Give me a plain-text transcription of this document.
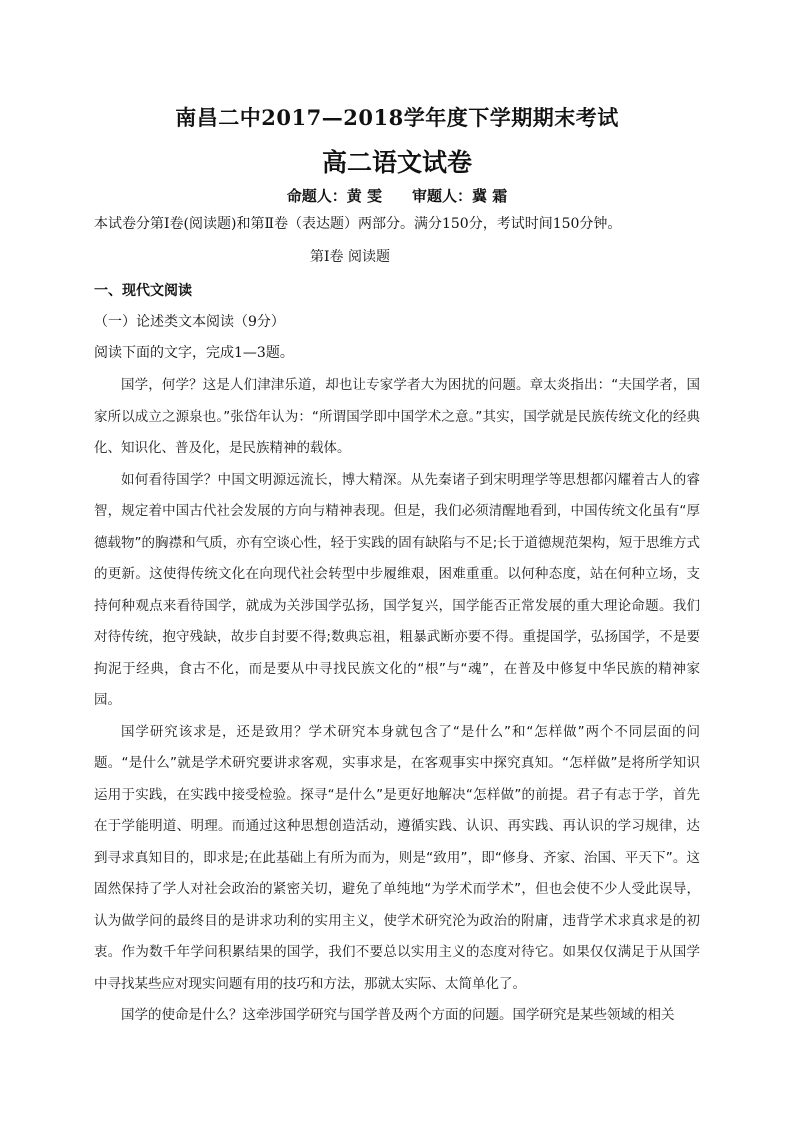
南昌二中2017—2018学年度下学期期末考试
高二语文试卷
命题人：黄 雯 审题人：冀 霜
本试卷分第Ⅰ卷(阅读题)和第Ⅱ卷（表达题）两部分。满分150分，考试时间150分钟。
第Ⅰ卷 阅读题
一、现代文阅读
（一）论述类文本阅读（9分）
阅读下面的文字，完成1—3题。

国学，何学？这是人们津津乐道，却也让专家学者大为困扰的问题。章太炎指出：“夫国学者，国家所以成立之源泉也。”张岱年认为：“所谓国学即中国学术之意。”其实，国学就是民族传统文化的经典化、知识化、普及化，是民族精神的载体。

如何看待国学？中国文明源远流长，博大精深。从先秦诸子到宋明理学等思想都闪耀着古人的睿智，规定着中国古代社会发展的方向与精神表现。但是，我们必须清醒地看到，中国传统文化虽有“厚德载物”的胸襟和气质，亦有空谈心性，轻于实践的固有缺陷与不足;长于道德规范架构，短于思维方式的更新。这使得传统文化在向现代社会转型中步履维艰，困难重重。以何种态度，站在何种立场，支持何种观点来看待国学，就成为关涉国学弘扬，国学复兴，国学能否正常发展的重大理论命题。我们对待传统，抱守残缺，故步自封要不得;数典忘祖，粗暴武断亦要不得。重提国学，弘扬国学，不是要拘泥于经典，食古不化，而是要从中寻找民族文化的“根”与“魂”，在普及中修复中华民族的精神家园。

国学研究该求是，还是致用？学术研究本身就包含了“是什么”和“怎样做”两个不同层面的问题。“是什么”就是学术研究要讲求客观，实事求是，在客观事实中探究真知。“怎样做”是将所学知识运用于实践，在实践中接受检验。探寻“是什么”是更好地解决“怎样做”的前提。君子有志于学，首先在于学能明道、明理。而通过这种思想创造活动，遵循实践、认识、再实践、再认识的学习规律，达到寻求真知目的，即求是;在此基础上有所为而为，则是“致用”，即“修身、齐家、治国、平天下”。这固然保持了学人对社会政治的紧密关切，避免了单纯地“为学术而学术”，但也会使不少人受此误导，认为做学问的最终目的是讲求功利的实用主义，使学术研究沦为政治的附庸，违背学术求真求是的初衷。作为数千年学问积累结果的国学，我们不要总以实用主义的态度对待它。如果仅仅满足于从国学中寻找某些应对现实问题有用的技巧和方法，那就太实际、太简单化了。

国学的使命是什么？这牵涉国学研究与国学普及两个方面的问题。国学研究是某些领域的相关
